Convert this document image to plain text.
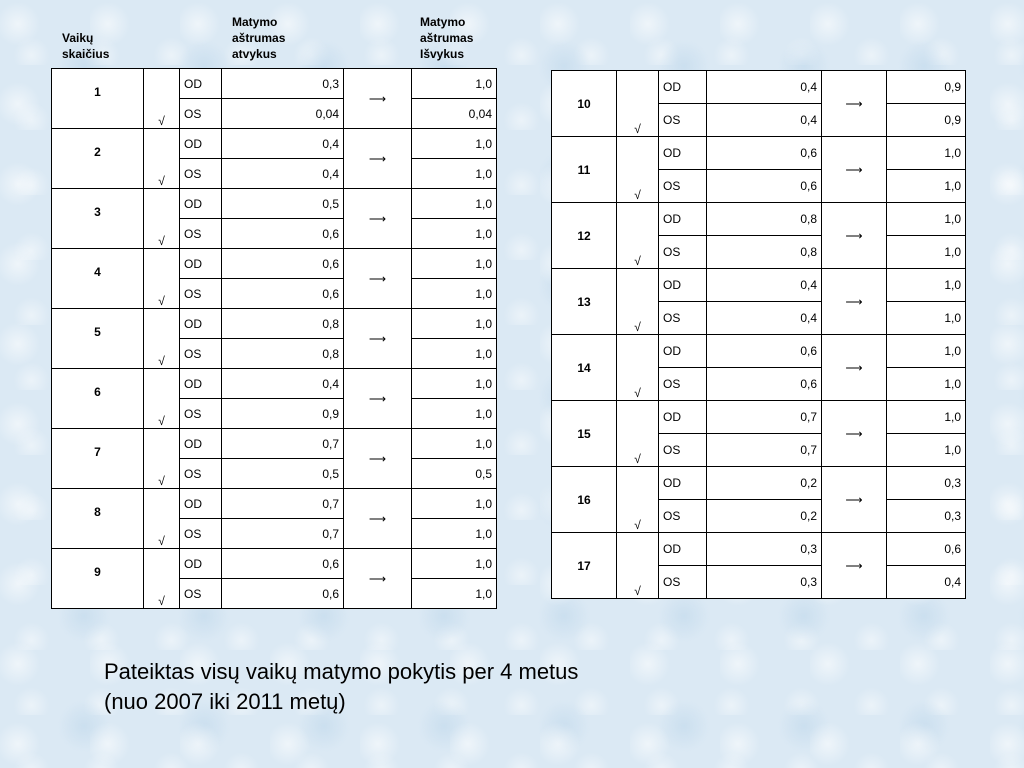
Vaikų
skaičius
Matymo
aštrumas
atvykus
Matymo
aštrumas
Išvykus
1	√	OD	0,3	⟶	1,0
		OS	0,04		0,04
2	√	OD	0,4	⟶	1,0
		OS	0,4		1,0
3	√	OD	0,5	⟶	1,0
		OS	0,6		1,0
4	√	OD	0,6	⟶	1,0
		OS	0,6		1,0
5	√	OD	0,8	⟶	1,0
		OS	0,8		1,0
6	√	OD	0,4	⟶	1,0
		OS	0,9		1,0
7	√	OD	0,7	⟶	1,0
		OS	0,5		0,5
8	√	OD	0,7	⟶	1,0
		OS	0,7		1,0
9	√	OD	0,6	⟶	1,0
		OS	0,6		1,0
10	√	OD	0,4	⟶	0,9
		OS	0,4		0,9
11	√	OD	0,6	⟶	1,0
		OS	0,6		1,0
12	√	OD	0,8	⟶	1,0
		OS	0,8		1,0
13	√	OD	0,4	⟶	1,0
		OS	0,4		1,0
14	√	OD	0,6	⟶	1,0
		OS	0,6		1,0
15	√	OD	0,7	⟶	1,0
		OS	0,7		1,0
16	√	OD	0,2	⟶	0,3
		OS	0,2		0,3
17	√	OD	0,3	⟶	0,6
		OS	0,3		0,4
Pateiktas visų vaikų matymo pokytis per 4 metus
(nuo 2007 iki 2011 metų)
